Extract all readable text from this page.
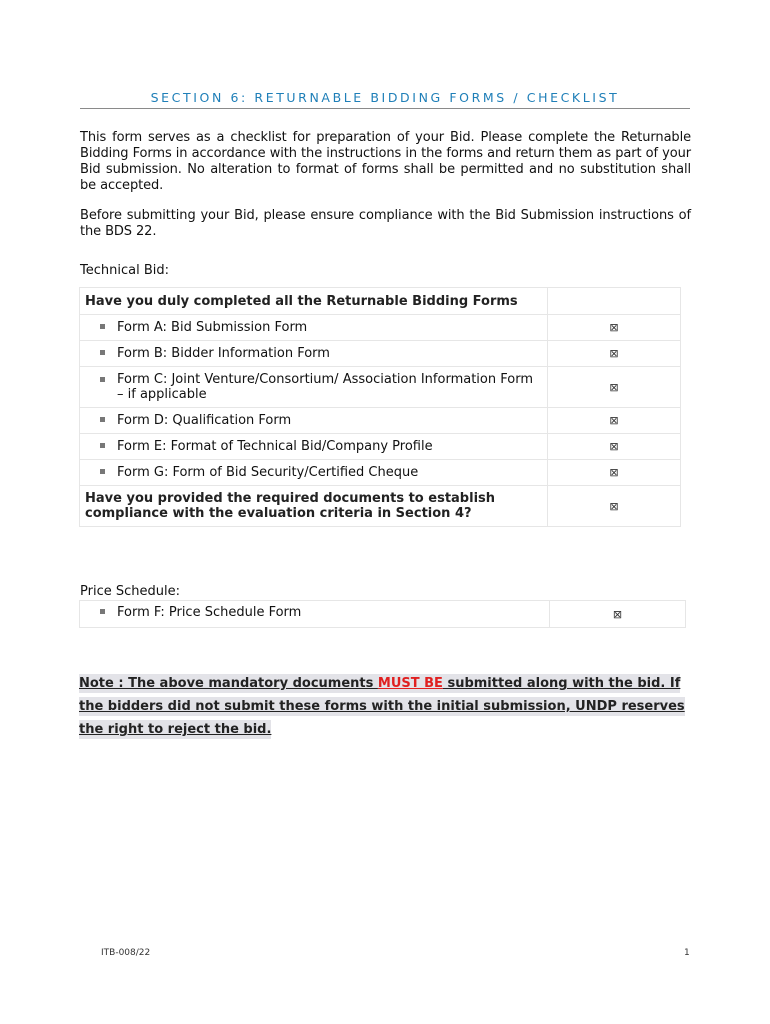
SECTION 6: RETURNABLE BIDDING FORMS / CHECKLIST
This form serves as a checklist for preparation of your Bid. Please complete the Returnable Bidding Forms in accordance with the instructions in the forms and return them as part of your Bid submission. No alteration to format of forms shall be permitted and no substitution shall be accepted.
Before submitting your Bid, please ensure compliance with the Bid Submission instructions of the BDS 22.
Technical Bid:
Have you duly completed all the Returnable Bidding Forms	
Form A: Bid Submission Form	⊠
Form B: Bidder Information Form	⊠

Form C: Joint Venture/Consortium/ Association Information Form – if applicable	⊠
Form D: Qualification Form	⊠
Form E: Format of Technical Bid/Company Profile	⊠
Form G: Form of Bid Security/Certified Cheque	⊠
Have you provided the required documents to establish compliance with the evaluation criteria in Section 4?	⊠
Price Schedule:
Form F: Price Schedule Form	⊠
Note : The above mandatory documents MUST BE submitted along with the bid. If the bidders did not submit these forms with the initial submission, UNDP reserves the right to reject the bid.
ITB-008/22	1
